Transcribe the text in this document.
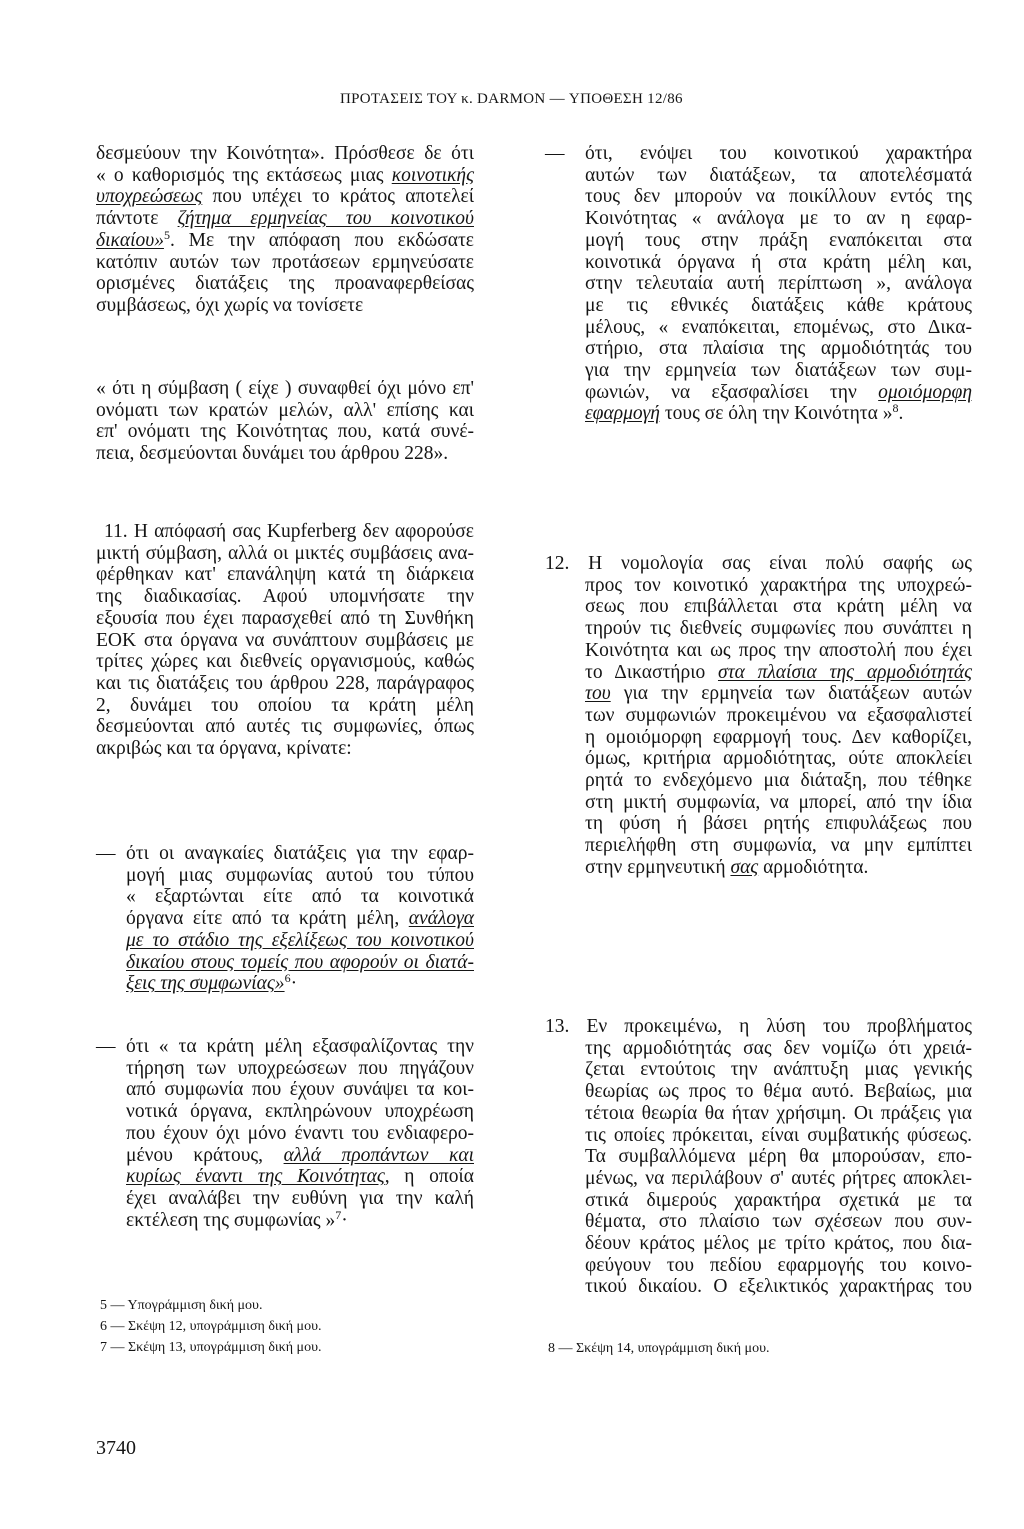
ΠΡΟΤΑΣΕΙΣ ΤΟΥ κ. DARMON — ΥΠΟΘΕΣΗ 12/86
δεσμεύουν την Κοινότητα». Πρόσθεσε δε ότι
« ο καθορισμός της εκτάσεως μιας κοινοτικής
υποχρεώσεως που υπέχει το κράτος αποτελεί
πάντοτε ζήτημα ερμηνείας του κοινοτικού
δικαίου»$^5$. Με την απόφαση που εκδώσατε
κατόπιν αυτών των προτάσεων ερμηνεύσατε
ορισμένες διατάξεις της προαναφερθείσας
συμβάσεως, όχι χωρίς να τονίσετε
« ότι η σύμβαση ( είχε ) συναφθεί όχι μόνο επ'
ονόματι των κρατών μελών, αλλ' επίσης και
επ' ονόματι της Κοινότητας που, κατά συνέ-
πεια, δεσμεύονται δυνάμει του άρθρου 228».
11. Η απόφασή σας Kupferberg δεν αφορούσε
μικτή σύμβαση, αλλά οι μικτές συμβάσεις ανα-
φέρθηκαν κατ' επανάληψη κατά τη διάρκεια
της διαδικασίας. Αφού υπομνήσατε την
εξουσία που έχει παρασχεθεί από τη Συνθήκη
ΕΟΚ στα όργανα να συνάπτουν συμβάσεις με
τρίτες χώρες και διεθνείς οργανισμούς, καθώς
και τις διατάξεις του άρθρου 228, παράγραφος
2, δυνάμει του οποίου τα κράτη μέλη
δεσμεύονται από αυτές τις συμφωνίες, όπως
ακριβώς και τα όργανα, κρίνατε:
— ότι οι αναγκαίες διατάξεις για την εφαρ-
μογή μιας συμφωνίας αυτού του τύπου
« εξαρτώνται είτε από τα κοινοτικά
όργανα είτε από τα κράτη μέλη, ανάλογα
με το στάδιο της εξελίξεως του κοινοτικού
δικαίου στους τομείς που αφορούν οι διατά-
ξεις της συμφωνίας»$^6$·
— ότι « τα κράτη μέλη εξασφαλίζοντας την
τήρηση των υποχρεώσεων που πηγάζουν
από συμφωνία που έχουν συνάψει τα κοι-
νοτικά όργανα, εκπληρώνουν υποχρέωση
που έχουν όχι μόνο έναντι του ενδιαφερο-
μένου κράτους, αλλά προπάντων και
κυρίως έναντι της Κοινότητας, η οποία
έχει αναλάβει την ευθύνη για την καλή
εκτέλεση της συμφωνίας »$^7$·
5 — Υπογράμμιση δική μου.
6 — Σκέψη 12, υπογράμμιση δική μου.
7 — Σκέψη 13, υπογράμμιση δική μου.
3740
— ότι, ενόψει του κοινοτικού χαρακτήρα
αυτών των διατάξεων, τα αποτελέσματά
τους δεν μπορούν να ποικίλλουν εντός της
Κοινότητας « ανάλογα με το αν η εφαρ-
μογή τους στην πράξη εναπόκειται στα
κοινοτικά όργανα ή στα κράτη μέλη και,
στην τελευταία αυτή περίπτωση », ανάλογα
με τις εθνικές διατάξεις κάθε κράτους
μέλους, « εναπόκειται, επομένως, στο Δικα-
στήριο, στα πλαίσια της αρμοδιότητάς του
για την ερμηνεία των διατάξεων των συμ-
φωνιών, να εξασφαλίσει την ομοιόμορφη
εφαρμογή τους σε όλη την Κοινότητα »$^8$.
12. Η νομολογία σας είναι πολύ σαφής ως
προς τον κοινοτικό χαρακτήρα της υποχρεώ-
σεως που επιβάλλεται στα κράτη μέλη να
τηρούν τις διεθνείς συμφωνίες που συνάπτει η
Κοινότητα και ως προς την αποστολή που έχει
το Δικαστήριο στα πλαίσια της αρμοδιότητάς
του για την ερμηνεία των διατάξεων αυτών
των συμφωνιών προκειμένου να εξασφαλιστεί
η ομοιόμορφη εφαρμογή τους. Δεν καθορίζει,
όμως, κριτήρια αρμοδιότητας, ούτε αποκλείει
ρητά το ενδεχόμενο μια διάταξη, που τέθηκε
στη μικτή συμφωνία, να μπορεί, από την ίδια
τη φύση ή βάσει ρητής επιφυλάξεως που
περιελήφθη στη συμφωνία, να μην εμπίπτει
στην ερμηνευτική σας αρμοδιότητα.
13. Εν προκειμένω, η λύση του προβλήματος
της αρμοδιότητάς σας δεν νομίζω ότι χρειά-
ζεται εντούτοις την ανάπτυξη μιας γενικής
θεωρίας ως προς το θέμα αυτό. Βεβαίως, μια
τέτοια θεωρία θα ήταν χρήσιμη. Οι πράξεις για
τις οποίες πρόκειται, είναι συμβατικής φύσεως.
Τα συμβαλλόμενα μέρη θα μπορούσαν, επο-
μένως, να περιλάβουν σ' αυτές ρήτρες αποκλει-
στικά διμερούς χαρακτήρα σχετικά με τα
θέματα, στο πλαίσιο των σχέσεων που συν-
δέουν κράτος μέλος με τρίτο κράτος, που δια-
φεύγουν του πεδίου εφαρμογής του κοινο-
τικού δικαίου. Ο εξελικτικός χαρακτήρας του
8 — Σκέψη 14, υπογράμμιση δική μου.
